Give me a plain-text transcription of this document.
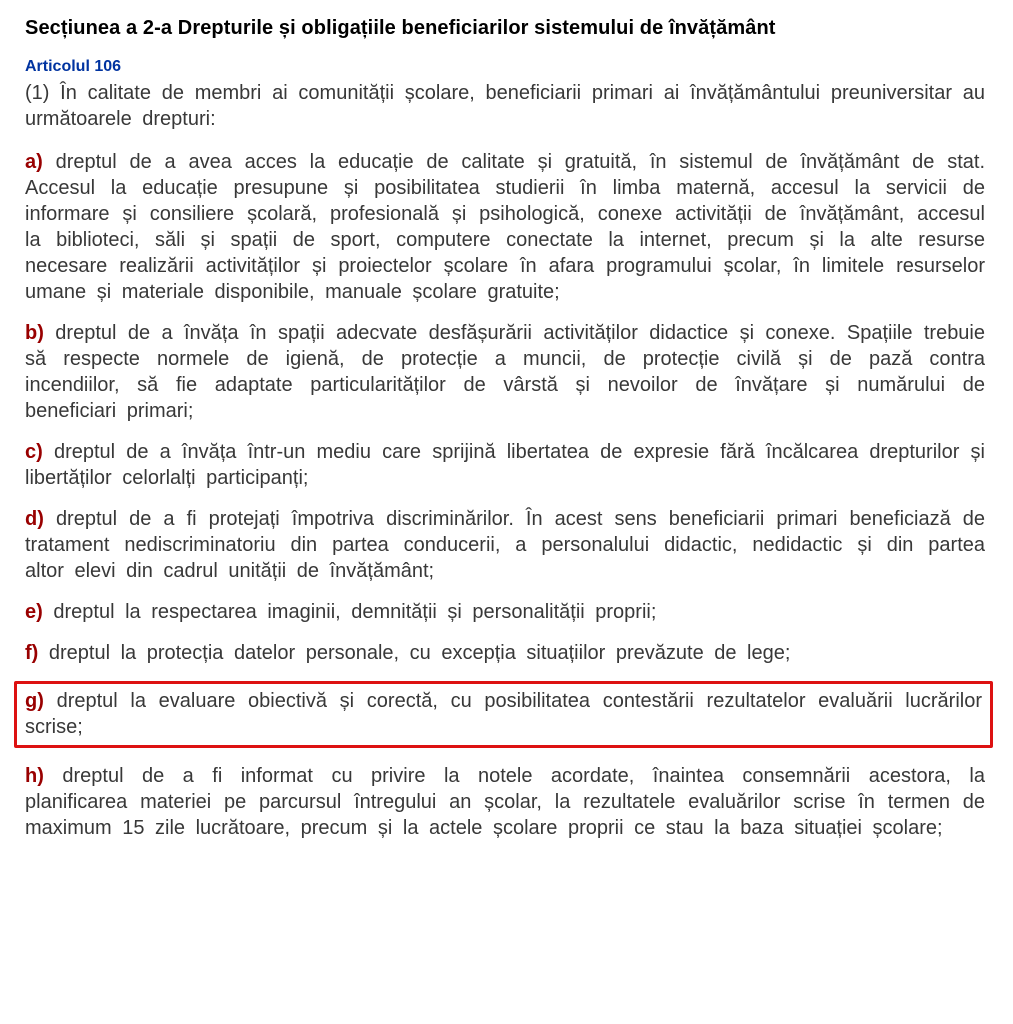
Secțiunea a 2-a Drepturile și obligațiile beneficiarilor sistemului de învățământ
Articolul 106

(1) În calitate de membri ai comunității școlare, beneficiarii primari ai învățământului preuniversitar au următoarele drepturi:

a) dreptul de a avea acces la educație de calitate și gratuită, în sistemul de învățământ de stat. Accesul la educație presupune și posibilitatea studierii în limba maternă, accesul la servicii de informare și consiliere școlară, profesională și psihologică, conexe activității de învățământ, accesul la biblioteci, săli și spații de sport, computere conectate la internet, precum și la alte resurse necesare realizării activităților și proiectelor școlare în afara programului școlar, în limitele resurselor umane și materiale disponibile, manuale școlare gratuite;

b) dreptul de a învăța în spații adecvate desfășurării activităților didactice și conexe. Spațiile trebuie să respecte normele de igienă, de protecție a muncii, de protecție civilă și de pază contra incendiilor, să fie adaptate particularităților de vârstă și nevoilor de învățare și numărului de beneficiari primari;

c) dreptul de a învăța într-un mediu care sprijină libertatea de expresie fără încălcarea drepturilor și libertăților celorlalți participanți;

d) dreptul de a fi protejați împotriva discriminărilor. În acest sens beneficiarii primari beneficiază de tratament nediscriminatoriu din partea conducerii, a personalului didactic, nedidactic și din partea altor elevi din cadrul unității de învățământ;

e) dreptul la respectarea imaginii, demnității și personalității proprii;

f) dreptul la protecția datelor personale, cu excepția situațiilor prevăzute de lege;

g) dreptul la evaluare obiectivă și corectă, cu posibilitatea contestării rezultatelor evaluării lucrărilor scrise;

h) dreptul de a fi informat cu privire la notele acordate, înaintea consemnării acestora, la planificarea materiei pe parcursul întregului an școlar, la rezultatele evaluărilor scrise în termen de maximum 15 zile lucrătoare, precum și la actele școlare proprii ce stau la baza situației școlare;
